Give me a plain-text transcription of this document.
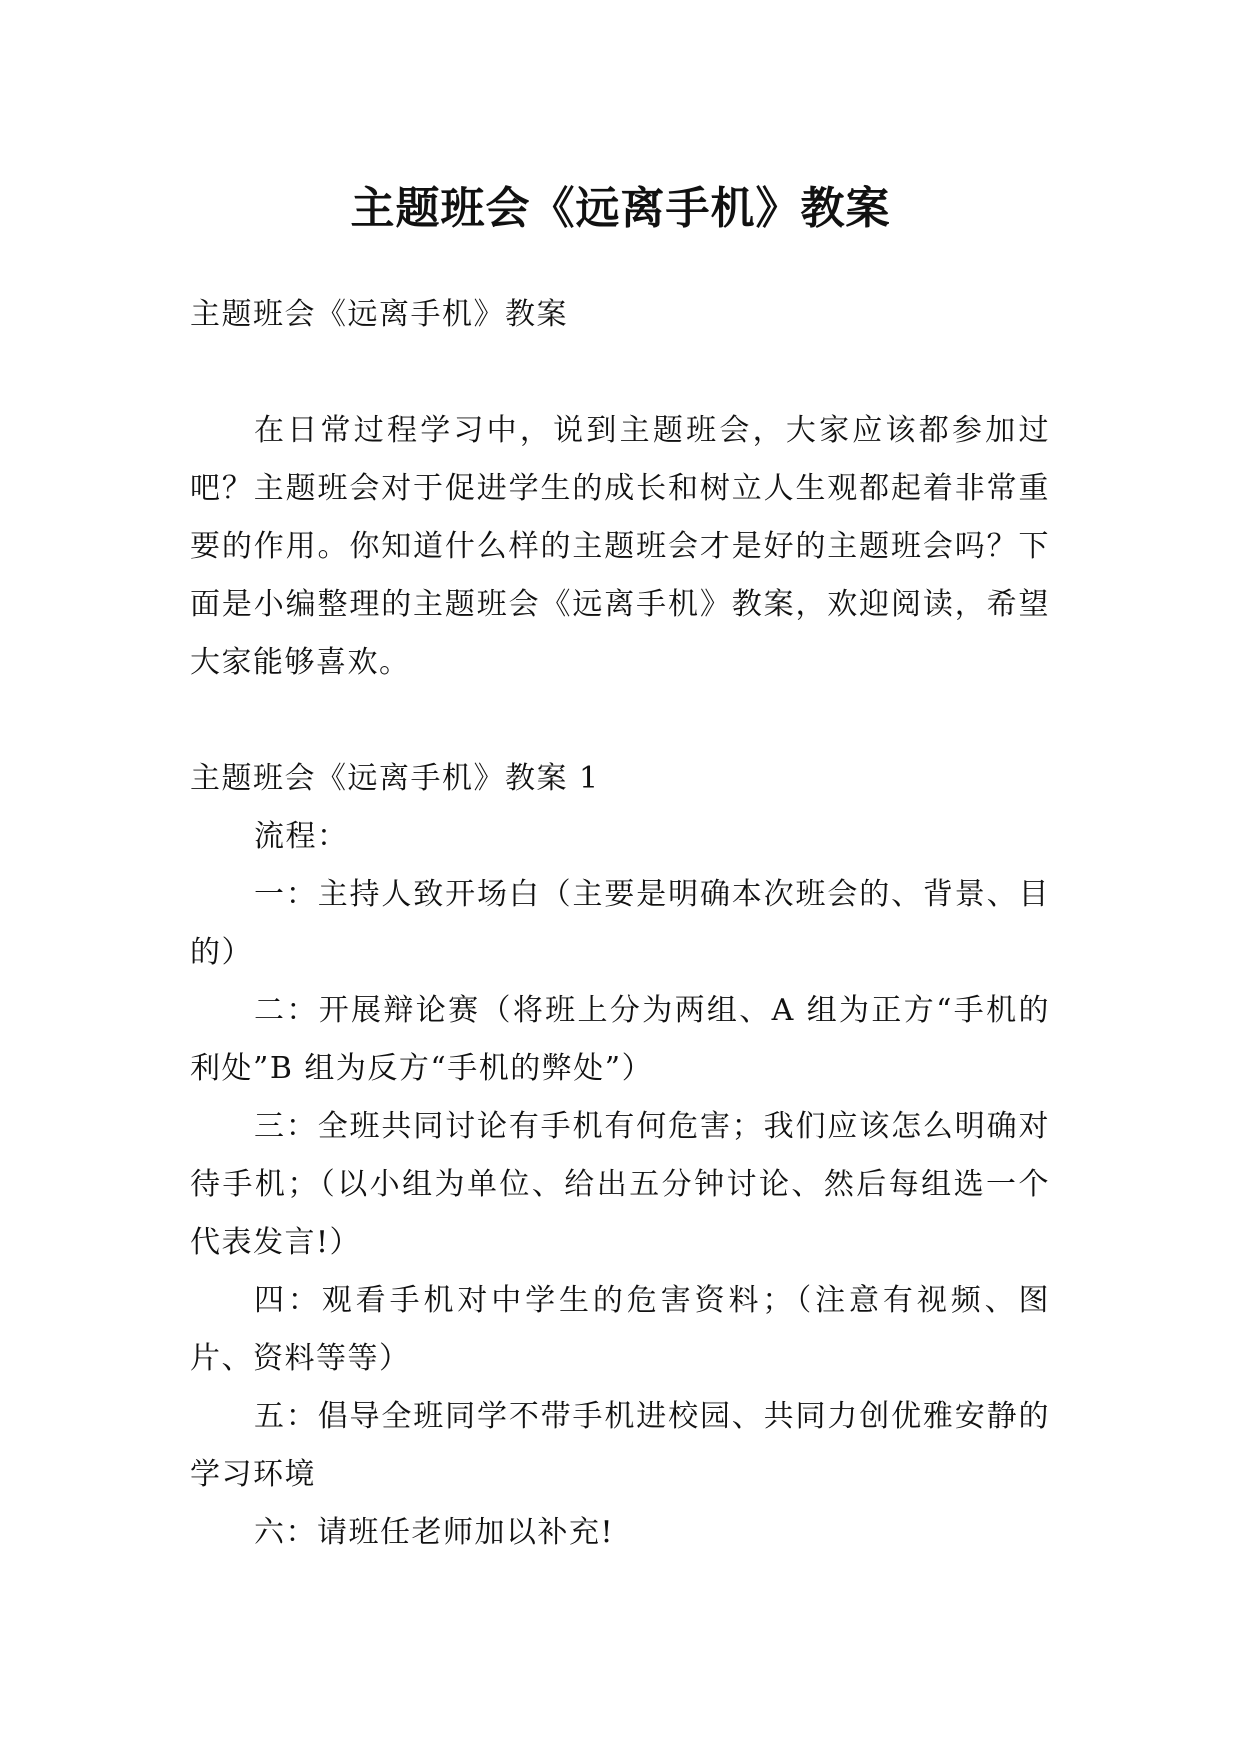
主题班会《远离手机》教案

主题班会《远离手机》教案

在日常过程学习中，说到主题班会，大家应该都参加过吧？主题班会对于促进学生的成长和树立人生观都起着非常重要的作用。你知道什么样的主题班会才是好的主题班会吗？下面是小编整理的主题班会《远离手机》教案，欢迎阅读，希望大家能够喜欢。

主题班会《远离手机》教案 1

流程：

一：主持人致开场白（主要是明确本次班会的、背景、目的）

二：开展辩论赛（将班上分为两组、A 组为正方“手机的利处”B 组为反方“手机的弊处”）

三：全班共同讨论有手机有何危害；我们应该怎么明确对待手机；（以小组为单位、给出五分钟讨论、然后每组选一个代表发言!）

四：观看手机对中学生的危害资料；（注意有视频、图片、资料等等）

五：倡导全班同学不带手机进校园、共同力创优雅安静的学习环境

六：请班任老师加以补充!
